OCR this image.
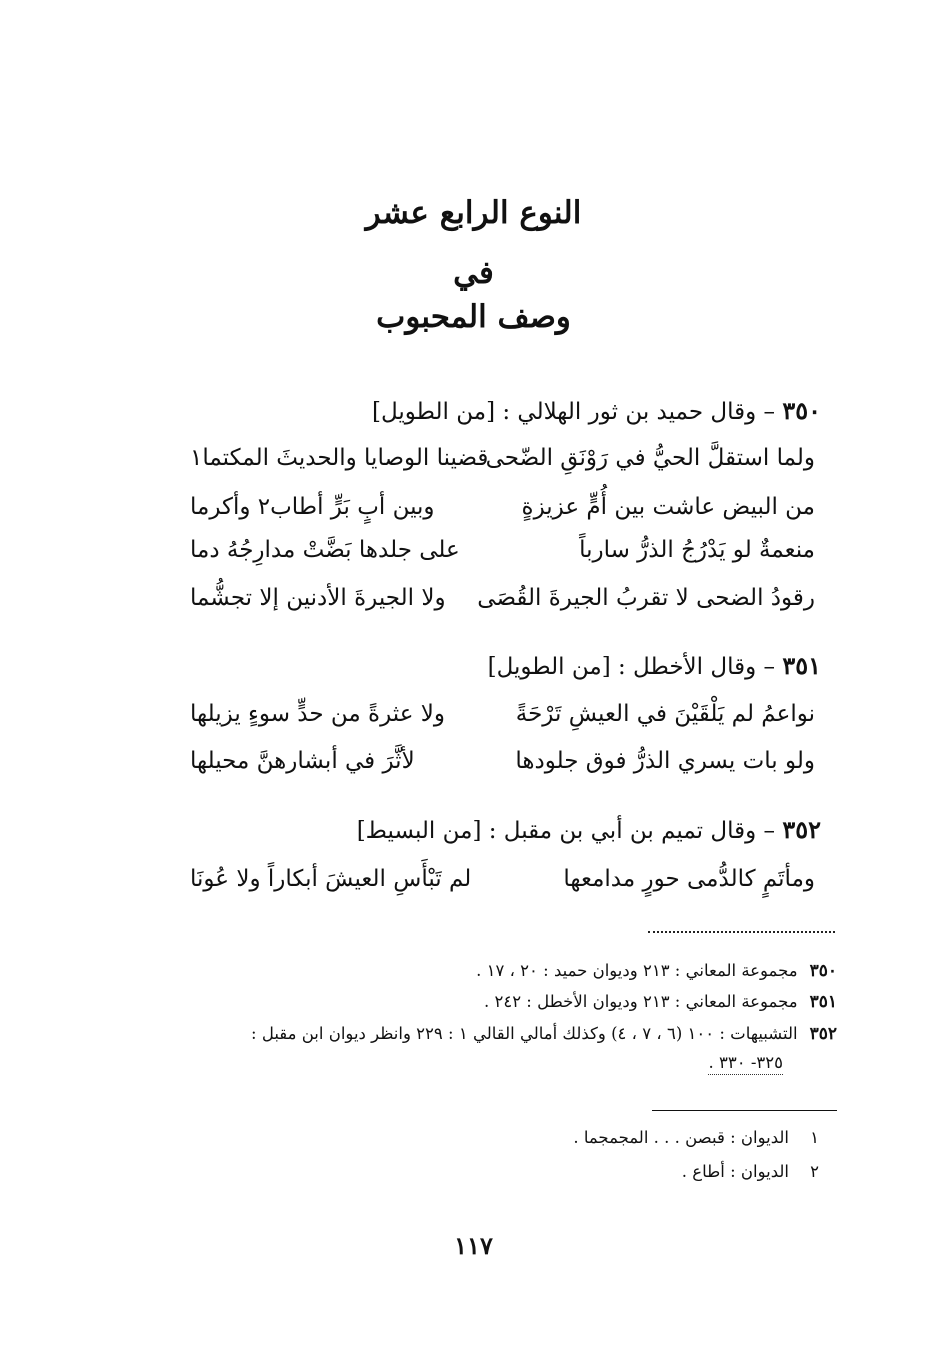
النوع الرابع عشر
في
وصف المحبوب
٣٥٠ – وقال حميد بن ثور الهلالي : [من الطويل]
ولما استقلَّ الحيُّ في رَوْنَقِ الضّحى
قضينا الوصايا والحديثَ المكتما١
من البيض عاشت بين أُمٍّ عزيزةٍ
وبين أبٍ بَرٍّ أطاب٢ وأكرما
منعمةٌ لو يَدْرُجُ الذرُّ سارباً
على جلدها بَضَّتْ مدارِجُهُ دما
رقودُ الضحى لا تقربُ الجيرةَ القُصَى
ولا الجيرةَ الأدنين إلا تجشُّما
٣٥١ – وقال الأخطل : [من الطويل]
نواعمُ لم يَلْقَيْنَ في العيشِ تَرْحَةً
ولا عثرةً من حدٍّ سوءٍ يزيلها
ولو بات يسري الذرُّ فوق جلودها
لأثَّرَ في أبشارهنَّ محيلها
٣٥٢ – وقال تميم بن أبي بن مقبل : [من البسيط]
ومأتَمٍ كالدُّمى حورٍ مدامعها
لم تَبْأَسِ العيشَ أبكاراً ولا عُونَا
٣٥٠مجموعة المعاني : ٢١٣ وديوان حميد : ٢٠ ، ١٧ .
٣٥١مجموعة المعاني : ٢١٣ وديوان الأخطل : ٢٤٢ .
٣٥٢التشبيهات : ١٠٠ (٦ ، ٧ ، ٤) وكذلك أمالي القالي ١ : ٢٢٩ وانظر ديوان ابن مقبل :
٣٢٥- ٣٣٠ .
١الديوان : قبصن . . . المجمجما .
٢الديوان : أطاع .
١١٧
